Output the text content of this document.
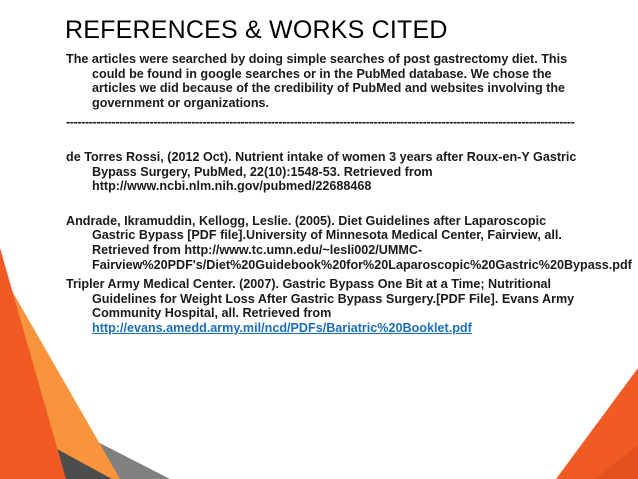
REFERENCES & WORKS CITED

The articles were searched by doing simple searches of post gastrectomy diet. This could be found in google searches or in the PubMed database. We chose the articles we did because of the credibility of PubMed and websites involving the government or organizations.

--------------------------------------------------------------------------------------------------------------------------------------

de Torres Rossi, (2012 Oct). Nutrient intake of women 3 years after Roux-en-Y Gastric Bypass Surgery, PubMed, 22(10):1548-53. Retrieved from http://www.ncbi.nlm.nih.gov/pubmed/22688468

Andrade, Ikramuddin, Kellogg, Leslie. (2005). Diet Guidelines after Laparoscopic Gastric Bypass [PDF file].University of Minnesota Medical Center, Fairview, all. Retrieved from http://www.tc.umn.edu/~lesli002/UMMC-Fairview%20PDF's/Diet%20Guidebook%20for%20Laparoscopic%20Gastric%20Bypass.pdf

Tripler Army Medical Center. (2007). Gastric Bypass One Bit at a Time; Nutritional Guidelines for Weight Loss After Gastric Bypass Surgery.[PDF File]. Evans Army Community Hospital, all. Retrieved from http://evans.amedd.army.mil/ncd/PDFs/Bariatric%20Booklet.pdf
